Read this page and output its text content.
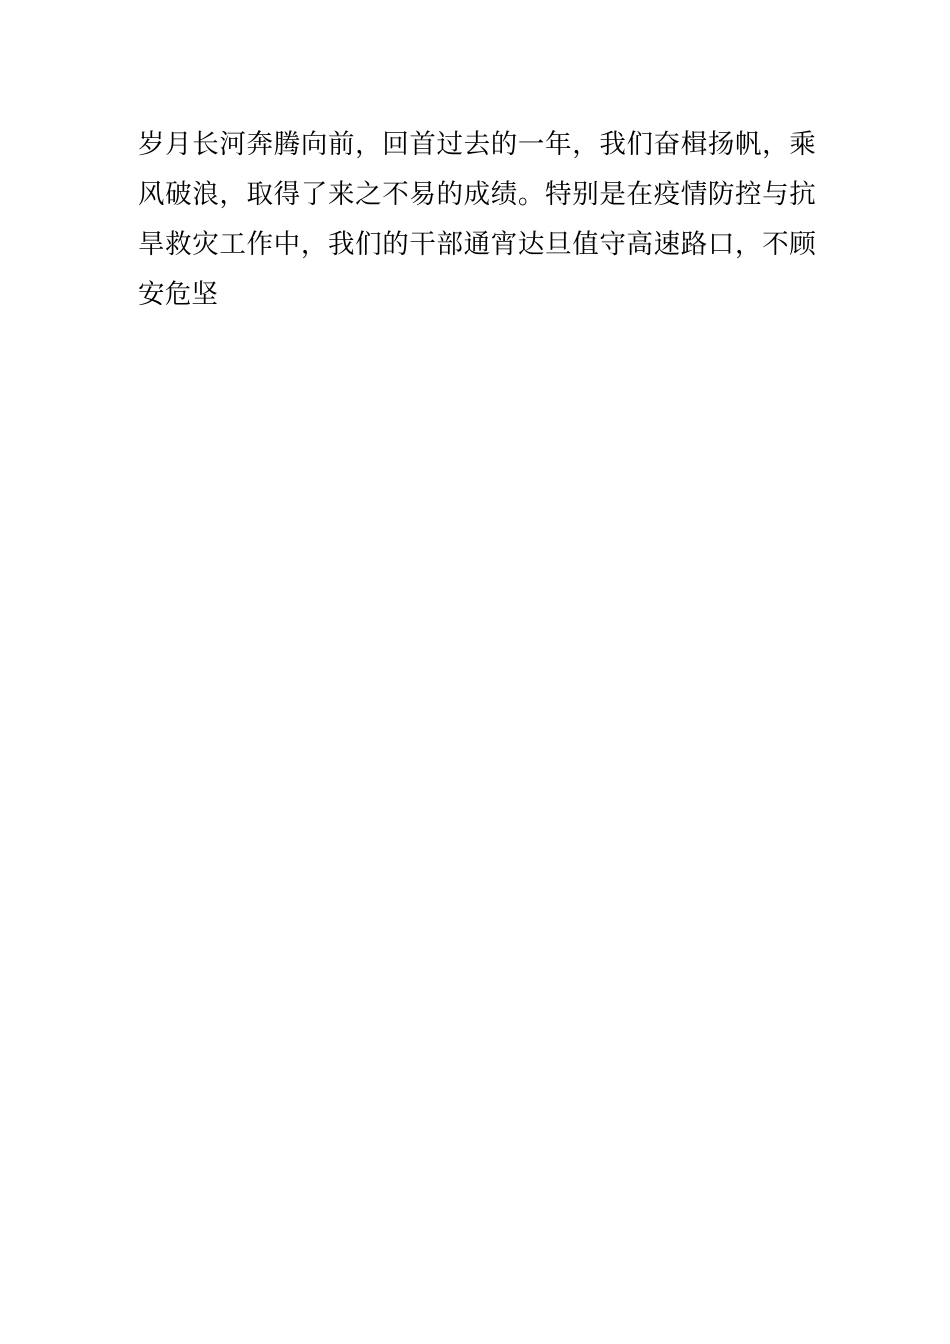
岁月长河奔腾向前，回首过去的一年，我们奋楫扬帆，乘风破浪，取得了来之不易的成绩。特别是在疫情防控与抗旱救灾工作中，我们的干部通宵达旦值守高速路口，不顾安危坚
